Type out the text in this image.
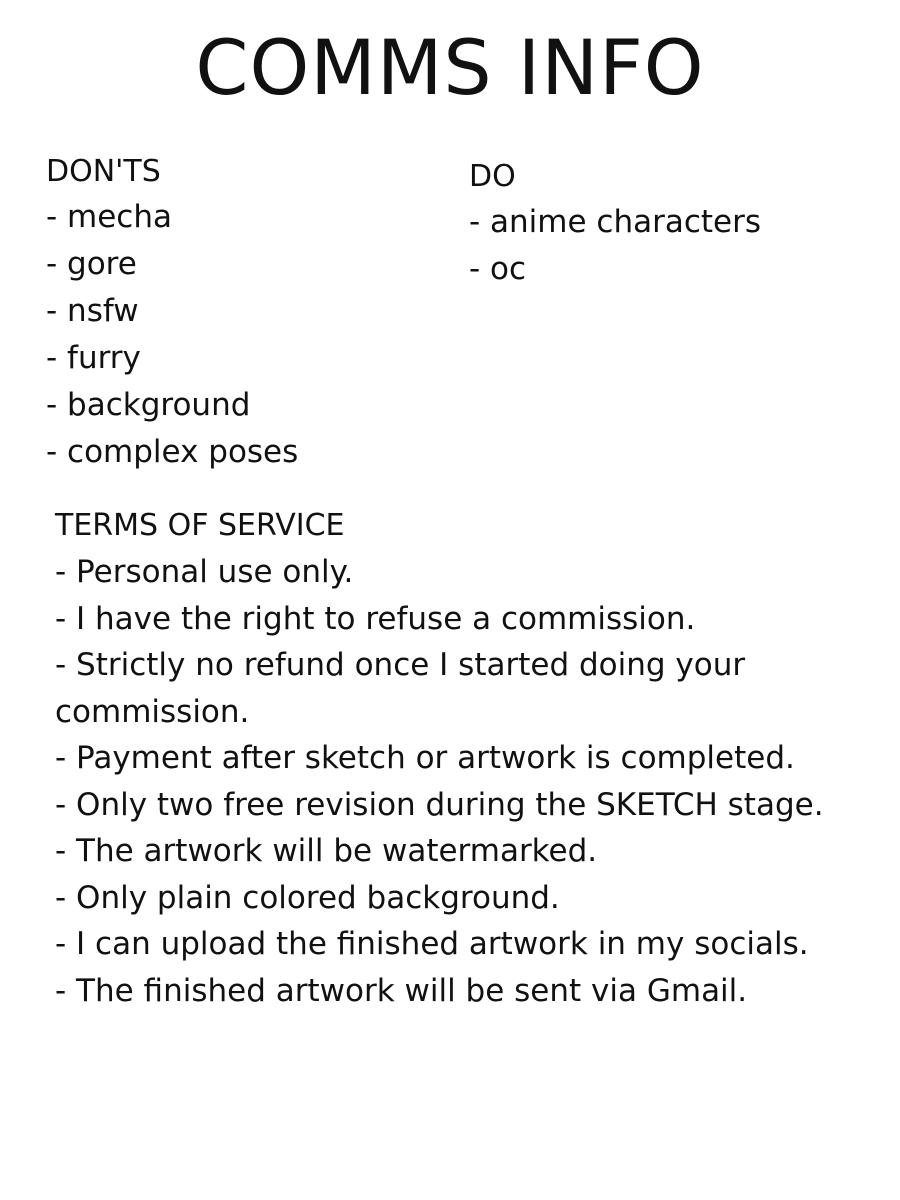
COMMS INFO
DON'TS
- mecha
- gore
- nsfw
- furry
- background
- complex poses
DO
- anime characters
- oc
TERMS OF SERVICE
- Personal use only.
- I have the right to refuse a commission.
- Strictly no refund once I started doing your commission.
- Payment after sketch or artwork is completed.
- Only two free revision during the SKETCH stage.
- The artwork will be watermarked.
- Only plain colored background.
- I can upload the finished artwork in my socials.
- The finished artwork will be sent via Gmail.
